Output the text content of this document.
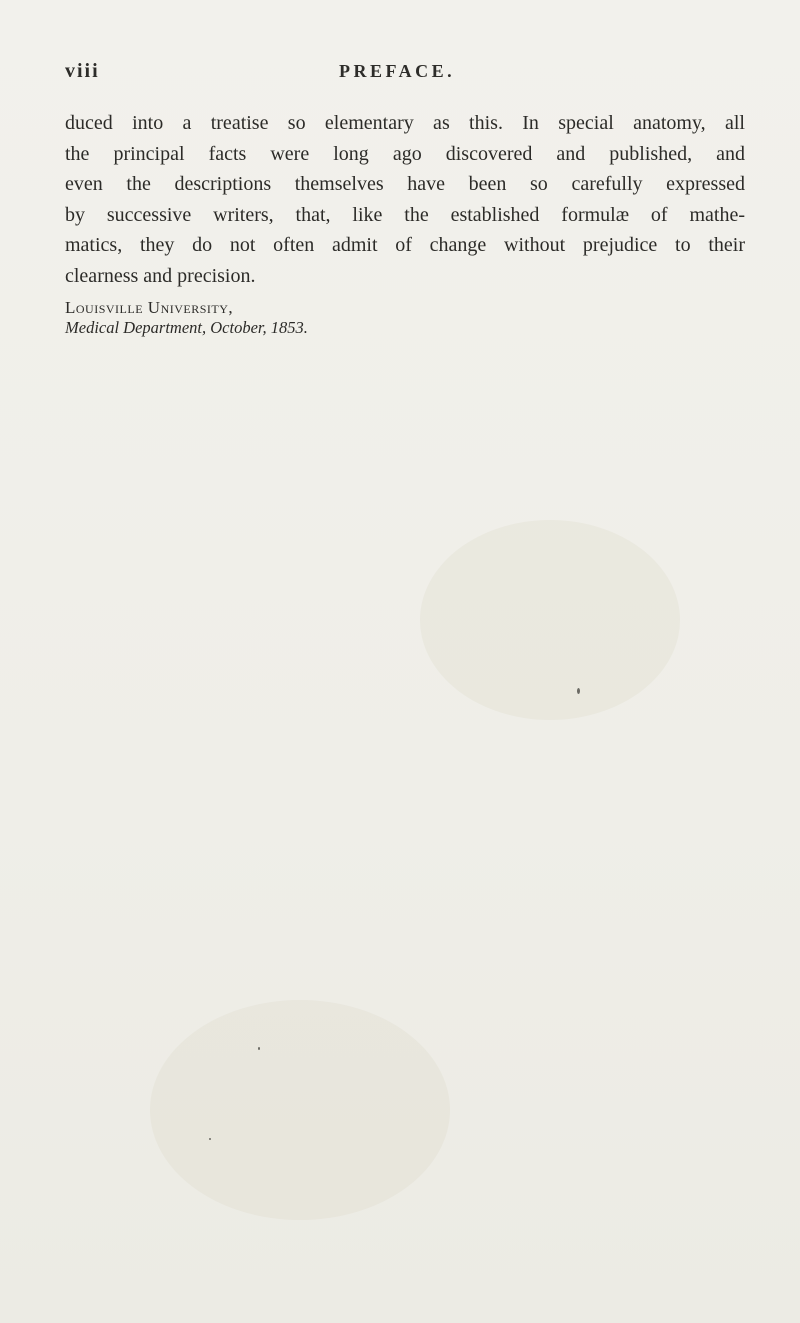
viii	PREFACE.

duced into a treatise so elementary as this. In special anatomy, all
the principal facts were long ago discovered and published, and
even the descriptions themselves have been so carefully expressed
by successive writers, that, like the established formulæ of mathe-
matics, they do not often admit of change without prejudice to their
clearness and precision.

Louisville University,
Medical Department, October, 1853.
